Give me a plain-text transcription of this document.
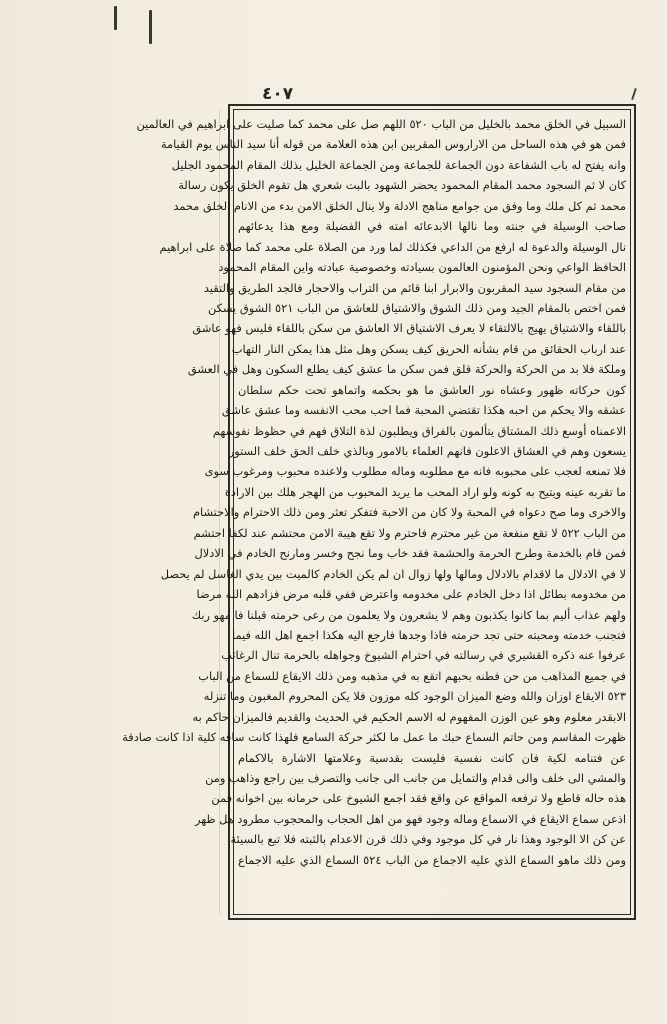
٤٠٧
السبيل في الخلق محمد بالخليل من الباب ٥٢٠ اللهم صل على محمد كما صليت على ابراهيم في العالمين
فمن هو في هذه الساحل من الاراروس المقربين ابن هذه العلامة من قوله أنا سيد الناس يوم القيامة
وانه يفتح له باب الشفاعة دون الجماعة للجماعة ومن الجماعة الخليل بذلك المقام المحمود الجليل
كان لا ثم السجود محمد المقام المحمود يحضر الشهود بالبت شعري هل تقوم الخلق يكون رسالة
محمد ثم كل ملك وما وفق من جوامع مناهج الادلة ولا ينال الخلق الامن بدء من الانام الخلق محمد
صاحب الوسيلة في جنته وما نالها الابدعائه امته في الفضيلة ومع هذا يدعائهم
نال الوسيلة والدعوة له ارفع من الداعي فكذلك لما ورد من الصلاة على محمد كما صلاة على ابراهيم
الحافظ الواعي ونحن المؤمنون العالمون بسيادته وخصوصية عبادته واين المقام المحمود
من مقام السجود سيد المقربون والابرار ابنا قائم من التراب والاحجار فالجد الطريق والتقيد
فمن اختص بالمقام الجيد ومن ذلك الشوق والاشتياق للعاشق من الباب ٥٢١ الشوق يسكن
باللقاء والاشتياق يهيج بالالتقاء لا يعرف الاشتياق الا العاشق من سكن باللقاء فليس فهو عاشق
عند ارباب الحقائق من قام بشأنه الحريق كيف يسكن وهل مثل هذا يمكن النار التهاب
وملكة فلا بد من الحركة والحركة قلق فمن سكن ما عشق كيف يطلع السكون وهل في العشق
كون حركاته ظهور وعشاه نور العاشق ما هو بحكمه واتماهو تحت حكم سلطان
عشقه والا يحكم من احبه هكذا تقتضي المحبة فما احب محب الانفسه وما عشق عاشق
الاعمناه أوسع ذلك المشتاق يتألمون بالفراق ويطلبون لذة التلاق فهم في حظوظ نفوسهم
يسعون وهم في العشاق الاعلون فانهم العلماء بالامور وبالذي خلف الحق خلف الستور
فلا تمنعه لعجب على محبوبه فانه مع مطلوبه وماله مطلوب ولاعنده محبوب ومرغوب سوى
ما تقربه عينه ويتيح به كونه ولو اراد المحب ما يريد المحبوب من الهجر هلك بين الارادة
والاخرى وما صح دعواه في المحبة ولا كان من الاحبة فتفكر تعثر ومن ذلك الاحترام والاحتشام
من الباب ٥٢٢ لا تقع منفعة من غير محترم فاحترم ولا تقع هيبة الامن محتشم عند لكفا احتشم
فمن قام بالخدمة وطرح الحرمة والحشمة فقد خاب وما نجح وخسر ومارنح الخادم في الادلال
لا في الادلال ما لاقدام بالادلال ومالها ولها زوال ان لم يكن الخادم كالميت بين يدي الغاسل لم يحصل
من مخدومه بطائل اذا دخل الخادم على مخدومه واعترض ففي قلبه مرض فزادهم الله مرضا
ولهم عذاب أليم بما كانوا يكذبون وهم لا يشعرون ولا يعلمون من رعى حرمته قبلنا فا مهو ربك
فتجنب خدمته ومحبته حتى تجد حرمته فاذا وجدها فارجع اليه هكذا اجمع اهل الله فيما
عرفوا عنه ذكره القشيري في رسالته في احترام الشيوخ وجواهله بالحرمة تنال الرغائب
في جميع المذاهب من حن فطنه بحبهم اتقع به في مذهبه ومن ذلك الايقاع للسماع من الباب
٥٢٣ الايقاع اوزان والله وضع الميزان الوجود كله موزون فلا يكن المحروم المغبون وما تنزله
الابقدر معلوم وهو عين الوزن المفهوم له الاسم الحكيم في الحديث والقديم فالميزان حاكم به
ظهرت المقاسم ومن حاتم السماع حبك ما عمل ما لكثر حركة السامع فلهذا كانت ساقه كلية اذا كانت صادقة
عن فتنامه لكية فان كانت نفسية فليست بقدسية وعلامتها الاشارة بالاكمام
والمشي الى خلف والى قدام والتمايل من جانب الى جانب والتصرف بين راجع وذاهب ومن
هذه حاله قاطع ولا ترفعه المواقع عن واقع فقد اجمع الشيوخ على حرمانه بين اخوانه فمن
اذعن سماع الايقاع في الاسماع وماله وجود فهو من اهل الحجاب والمحجوب مطرود هل ظهر
عن كن الا الوجود وهذا نار في كل موجود وفي ذلك قرن الاعدام بالثبته فلا تبع بالسيئة
ومن ذلك ماهو السماع الذي عليه الاجماع من الباب ٥٢٤ السماع الذي عليه الاجماع
